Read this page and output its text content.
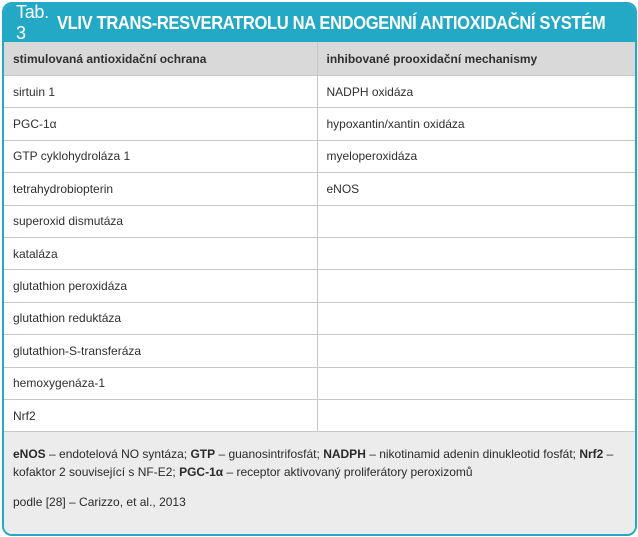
Tab. 3
VLIV TRANS-RESVERATROLU NA ENDOGENNÍ ANTIOXIDAČNÍ SYSTÉM
stimulovaná antioxidační ochrana	inhibované prooxidační mechanismy
sirtuin 1	NADPH oxidáza
PGC-1α	hypoxantin/xantin oxidáza
GTP cyklohydroláza 1	myeloperoxidáza
tetrahydrobiopterin	eNOS
superoxid dismutáza	
kataláza	
glutathion peroxidáza	
glutathion reduktáza	
glutathion-S-transferáza	
hemoxygenáza-1	
Nrf2	
eNOS – endotelová NO syntáza; GTP – guanosintrifosfát; NADPH – nikotinamid adenin dinukleotid fosfát; Nrf2 – kofaktor 2 související s NF-E2; PGC-1α – receptor aktivovaný proliferátory peroxizomů
podle [28] – Carizzo, et al., 2013
